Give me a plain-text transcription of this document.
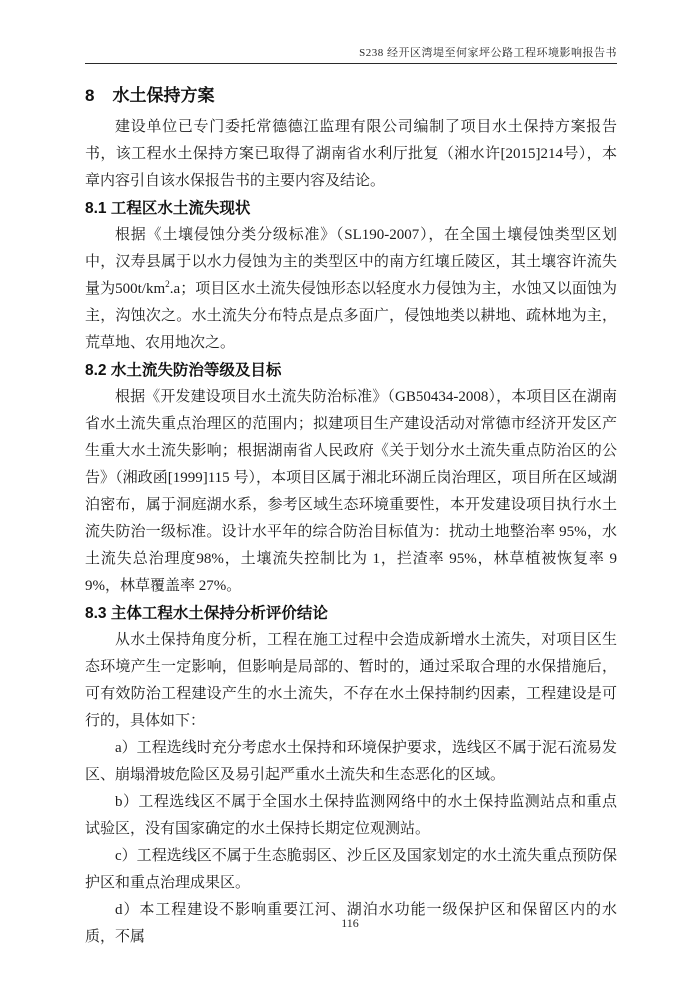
S238 经开区湾堤至何家坪公路工程环境影响报告书
8 水土保持方案

建设单位已专门委托常德德江监理有限公司编制了项目水土保持方案报告书，该工程水土保持方案已取得了湖南省水利厅批复（湘水许[2015]214号），本章内容引自该水保报告书的主要内容及结论。

8.1 工程区水土流失现状

根据《土壤侵蚀分类分级标准》（SL190-2007），在全国土壤侵蚀类型区划中，汉寿县属于以水力侵蚀为主的类型区中的南方红壤丘陵区，其土壤容许流失量为$500t/km^2.a$；项目区水土流失侵蚀形态以轻度水力侵蚀为主，水蚀又以面蚀为主，沟蚀次之。水土流失分布特点是点多面广，侵蚀地类以耕地、疏林地为主，荒草地、农用地次之。

8.2 水土流失防治等级及目标

根据《开发建设项目水土流失防治标准》（GB50434-2008），本项目区在湖南省水土流失重点治理区的范围内；拟建项目生产建设活动对常德市经济开发区产生重大水土流失影响；根据湖南省人民政府《关于划分水土流失重点防治区的公告》（湘政函[1999]115 号），本项目区属于湘北环湖丘岗治理区，项目所在区域湖泊密布，属于洞庭湖水系，参考区域生态环境重要性，本开发建设项目执行水土流失防治一级标准。设计水平年的综合防治目标值为：扰动土地整治率 95%，水土流失总治理度98%，土壤流失控制比为 1，拦渣率 95%，林草植被恢复率 99%，林草覆盖率 27%。

8.3 主体工程水土保持分析评价结论

从水土保持角度分析，工程在施工过程中会造成新增水土流失，对项目区生态环境产生一定影响，但影响是局部的、暂时的，通过采取合理的水保措施后，可有效防治工程建设产生的水土流失，不存在水土保持制约因素，工程建设是可行的，具体如下：

a）工程选线时充分考虑水土保持和环境保护要求，选线区不属于泥石流易发区、崩塌滑坡危险区及易引起严重水土流失和生态恶化的区域。

b）工程选线区不属于全国水土保持监测网络中的水土保持监测站点和重点试验区，没有国家确定的水土保持长期定位观测站。

c）工程选线区不属于生态脆弱区、沙丘区及国家划定的水土流失重点预防保护区和重点治理成果区。

d）本工程建设不影响重要江河、湖泊水功能一级保护区和保留区内的水质，不属

116
